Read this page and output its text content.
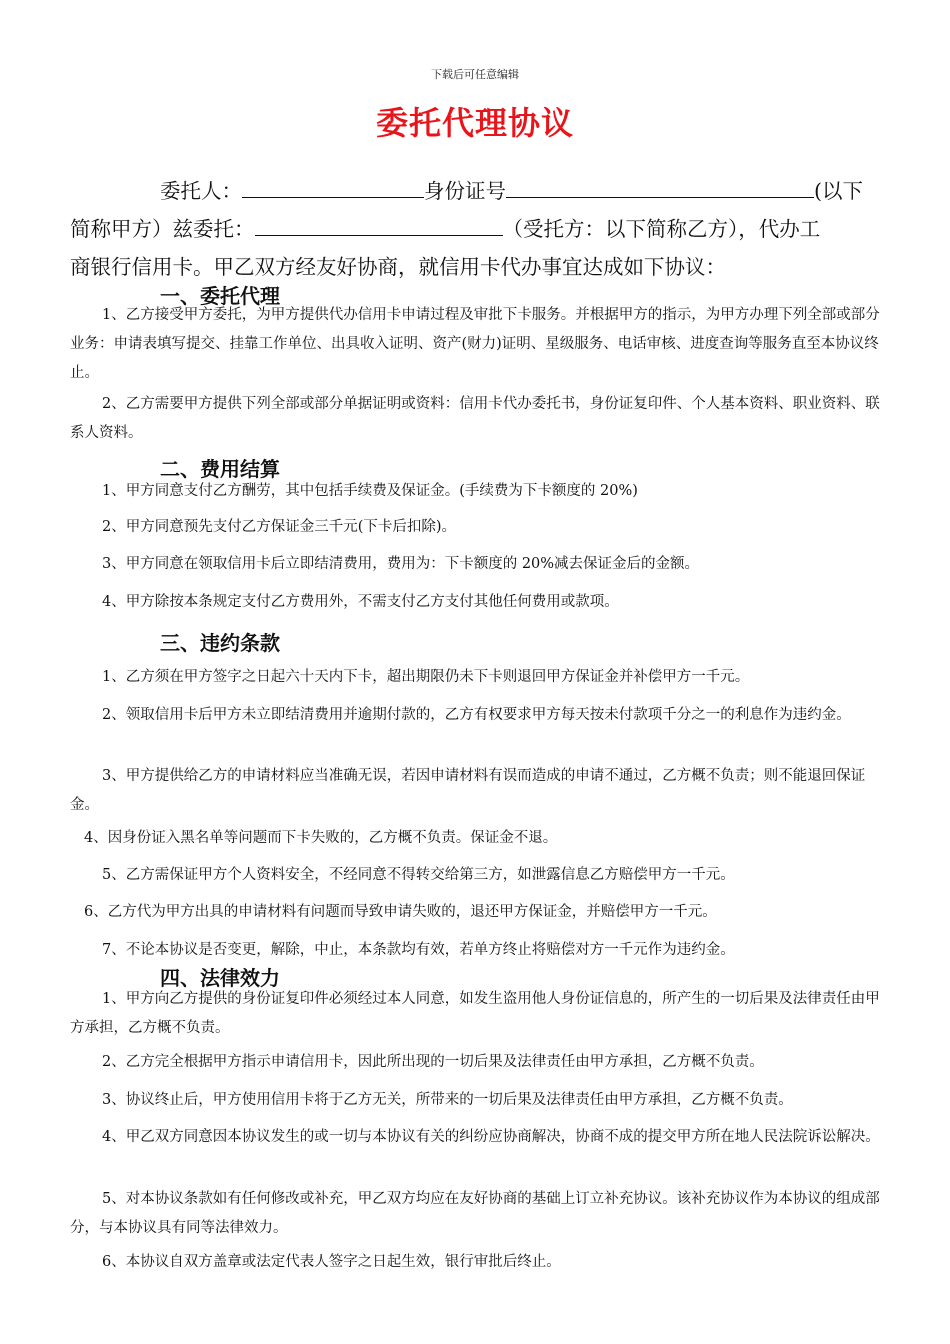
下载后可任意编辑
委托代理协议
委托人：	身份证号	(以下
简称甲方）兹委托：	（受托方：以下简称乙方），代办工
商银行信用卡。甲乙双方经友好协商，就信用卡代办事宜达成如下协议：
一、委托代理
1、乙方接受甲方委托，为甲方提供代办信用卡申请过程及审批下卡服务。并根据甲方的指示，为甲方办理下列全部或部分业务：申请表填写提交、挂靠工作单位、出具收入证明、资产(财力)证明、星级服务、电话审核、进度查询等服务直至本协议终止。
2、乙方需要甲方提供下列全部或部分单据证明或资料：信用卡代办委托书，身份证复印件、个人基本资料、职业资料、联系人资料。
二、费用结算
1、甲方同意支付乙方酬劳，其中包括手续费及保证金。(手续费为下卡额度的 20%)
2、甲方同意预先支付乙方保证金三千元(下卡后扣除)。
3、甲方同意在领取信用卡后立即结清费用，费用为：下卡额度的 20%减去保证金后的金额。
4、甲方除按本条规定支付乙方费用外，不需支付乙方支付其他任何费用或款项。
三、违约条款
1、乙方须在甲方签字之日起六十天内下卡，超出期限仍未下卡则退回甲方保证金并补偿甲方一千元。
2、领取信用卡后甲方未立即结清费用并逾期付款的，乙方有权要求甲方每天按未付款项千分之一的利息作为违约金。
3、甲方提供给乙方的申请材料应当准确无误，若因申请材料有误而造成的申请不通过，乙方概不负责；则不能退回保证金。
4、因身份证入黑名单等问题而下卡失败的，乙方概不负责。保证金不退。
5、乙方需保证甲方个人资料安全，不经同意不得转交给第三方，如泄露信息乙方赔偿甲方一千元。
6、乙方代为甲方出具的申请材料有问题而导致申请失败的，退还甲方保证金，并赔偿甲方一千元。
7、不论本协议是否变更，解除，中止，本条款均有效，若单方终止将赔偿对方一千元作为违约金。
四、法律效力
1、甲方向乙方提供的身份证复印件必须经过本人同意，如发生盗用他人身份证信息的，所产生的一切后果及法律责任由甲方承担，乙方概不负责。
2、乙方完全根据甲方指示申请信用卡，因此所出现的一切后果及法律责任由甲方承担，乙方概不负责。
3、协议终止后，甲方使用信用卡将于乙方无关，所带来的一切后果及法律责任由甲方承担，乙方概不负责。
4、甲乙双方同意因本协议发生的或一切与本协议有关的纠纷应协商解决，协商不成的提交甲方所在地人民法院诉讼解决。
5、对本协议条款如有任何修改或补充，甲乙双方均应在友好协商的基础上订立补充协议。该补充协议作为本协议的组成部分，与本协议具有同等法律效力。
6、本协议自双方盖章或法定代表人签字之日起生效，银行审批后终止。
